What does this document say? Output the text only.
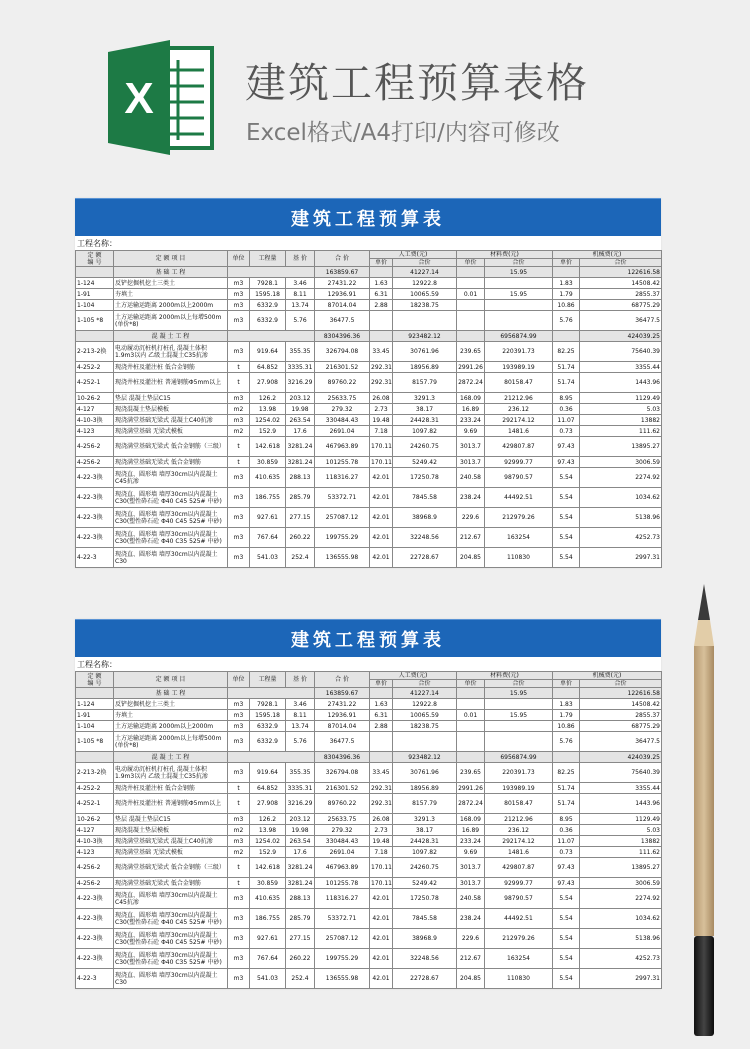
X 建筑工程预算表格
Excel格式/A4打印/内容可修改
建筑工程预算表
工程名称：
定 额
编 号	定 额 项 目	单位	工程量	基 价	合 价	人工费(元)		材料费(元)		机械费(元)	
						单价	合价	单价	合价	单价	合价
	基 础 工 程				163859.67		41227.14		15.95		122616.58
1-124	反铲挖掘机挖土三类土	m3	7928.1	3.46	27431.22	1.63	12922.8			1.83	14508.42
1-91	夯填土	m3	1595.18	8.11	12936.91	6.31	10065.59	0.01	15.95	1.79	2855.37
1-104	土方运输运距离 2000m以上2000m	m3	6332.9	13.74	87014.04	2.88	18238.75			10.86	68775.29
1-105 *8	土方运输运距离 2000m以上每增500m (单价*8)	m3	6332.9	5.76	36477.5					5.76	36477.5
	混 凝 土 工 程				8304396.36		923482.12		6956874.99		424039.25
2-213-2换	电动履动沉桩机打桩孔 混凝土体积1.9m3以内 乙级土混凝土C35抗渗	m3	919.64	355.35	326794.08	33.45	30761.96	239.65	220391.73	82.25	75640.39
4-252-2	现浇井桩及灌注桩 低合金钢筋	t	64.852	3335.31	216301.52	292.31	18956.89	2991.26	193989.19	51.74	3355.44
4-252-1	现浇井桩及灌注桩 普通钢筋Φ5mm以上	t	27.908	3216.29	89760.22	292.31	8157.79	2872.24	80158.47	51.74	1443.96
10-26-2	垫层 混凝土垫层C15	m3	126.2	203.12	25633.75	26.08	3291.3	168.09	21212.96	8.95	1129.49
4-127	现浇混凝土垫层模板	m2	13.98	19.98	279.32	2.73	38.17	16.89	236.12	0.36	5.03
4-10-3换	现浇满堂基础无梁式 混凝土C40抗渗	m3	1254.02	263.54	330484.43	19.48	24428.31	233.24	292174.12	11.07	13882
4-123	现浇满堂基础 无梁式模板	m2	152.9	17.6	2691.04	7.18	1097.82	9.69	1481.6	0.73	111.62
4-256-2	现浇满堂基础无梁式 低合金钢筋（三级）	t	142.618	3281.24	467963.89	170.11	24260.75	3013.7	429807.87	97.43	13895.27
4-256-2	现浇满堂基础无梁式 低合金钢筋	t	30.859	3281.24	101255.78	170.11	5249.42	3013.7	92999.77	97.43	3006.59
4-22-3换	现浇直、圆形墙 墙厚30cm以内混凝土C45抗渗	m3	410.635	288.13	118316.27	42.01	17250.78	240.58	98790.57	5.54	2274.92
4-22-3换	现浇直、圆形墙 墙厚30cm以内混凝土C30(塑性砕石砼 Φ40 C45 525# 中砂)	m3	186.755	285.79	53372.71	42.01	7845.58	238.24	44492.51	5.54	1034.62
4-22-3换	现浇直、圆形墙 墙厚30cm以内混凝土C30(塑性砕石砼 Φ40 C45 525# 中砂)	m3	927.61	277.15	257087.12	42.01	38968.9	229.6	212979.26	5.54	5138.96
4-22-3换	现浇直、圆形墙 墙厚30cm以内混凝土C30(塑性砕石砼 Φ40 C35 525# 中砂)	m3	767.64	260.22	199755.29	42.01	32248.56	212.67	163254	5.54	4252.73
4-22-3	现浇直、圆形墙 墙厚30cm以内混凝土C30	m3	541.03	252.4	136555.98	42.01	22728.67	204.85	110830	5.54	2997.31
建筑工程预算表
工程名称：
定 额
编 号	定 额 项 目	单位	工程量	基 价	合 价	人工费(元)		材料费(元)		机械费(元)	
						单价	合价	单价	合价	单价	合价
	基 础 工 程				163859.67		41227.14		15.95		122616.58
1-124	反铲挖掘机挖土三类土	m3	7928.1	3.46	27431.22	1.63	12922.8			1.83	14508.42
1-91	夯填土	m3	1595.18	8.11	12936.91	6.31	10065.59	0.01	15.95	1.79	2855.37
1-104	土方运输运距离 2000m以上2000m	m3	6332.9	13.74	87014.04	2.88	18238.75			10.86	68775.29
1-105 *8	土方运输运距离 2000m以上每增500m (单价*8)	m3	6332.9	5.76	36477.5					5.76	36477.5
	混 凝 土 工 程				8304396.36		923482.12		6956874.99		424039.25
2-213-2换	电动履动沉桩机打桩孔 混凝土体积1.9m3以内 乙级土混凝土C35抗渗	m3	919.64	355.35	326794.08	33.45	30761.96	239.65	220391.73	82.25	75640.39
4-252-2	现浇井桩及灌注桩 低合金钢筋	t	64.852	3335.31	216301.52	292.31	18956.89	2991.26	193989.19	51.74	3355.44
4-252-1	现浇井桩及灌注桩 普通钢筋Φ5mm以上	t	27.908	3216.29	89760.22	292.31	8157.79	2872.24	80158.47	51.74	1443.96
10-26-2	垫层 混凝土垫层C15	m3	126.2	203.12	25633.75	26.08	3291.3	168.09	21212.96	8.95	1129.49
4-127	现浇混凝土垫层模板	m2	13.98	19.98	279.32	2.73	38.17	16.89	236.12	0.36	5.03
4-10-3换	现浇满堂基础无梁式 混凝土C40抗渗	m3	1254.02	263.54	330484.43	19.48	24428.31	233.24	292174.12	11.07	13882
4-123	现浇满堂基础 无梁式模板	m2	152.9	17.6	2691.04	7.18	1097.82	9.69	1481.6	0.73	111.62
4-256-2	现浇满堂基础无梁式 低合金钢筋（三级）	t	142.618	3281.24	467963.89	170.11	24260.75	3013.7	429807.87	97.43	13895.27
4-256-2	现浇满堂基础无梁式 低合金钢筋	t	30.859	3281.24	101255.78	170.11	5249.42	3013.7	92999.77	97.43	3006.59
4-22-3换	现浇直、圆形墙 墙厚30cm以内混凝土C45抗渗	m3	410.635	288.13	118316.27	42.01	17250.78	240.58	98790.57	5.54	2274.92
4-22-3换	现浇直、圆形墙 墙厚30cm以内混凝土C30(塑性砕石砼 Φ40 C45 525# 中砂)	m3	186.755	285.79	53372.71	42.01	7845.58	238.24	44492.51	5.54	1034.62
4-22-3换	现浇直、圆形墙 墙厚30cm以内混凝土C30(塑性砕石砼 Φ40 C45 525# 中砂)	m3	927.61	277.15	257087.12	42.01	38968.9	229.6	212979.26	5.54	5138.96
4-22-3换	现浇直、圆形墙 墙厚30cm以内混凝土C30(塑性砕石砼 Φ40 C35 525# 中砂)	m3	767.64	260.22	199755.29	42.01	32248.56	212.67	163254	5.54	4252.73
4-22-3	现浇直、圆形墙 墙厚30cm以内混凝土C30	m3	541.03	252.4	136555.98	42.01	22728.67	204.85	110830	5.54	2997.31
